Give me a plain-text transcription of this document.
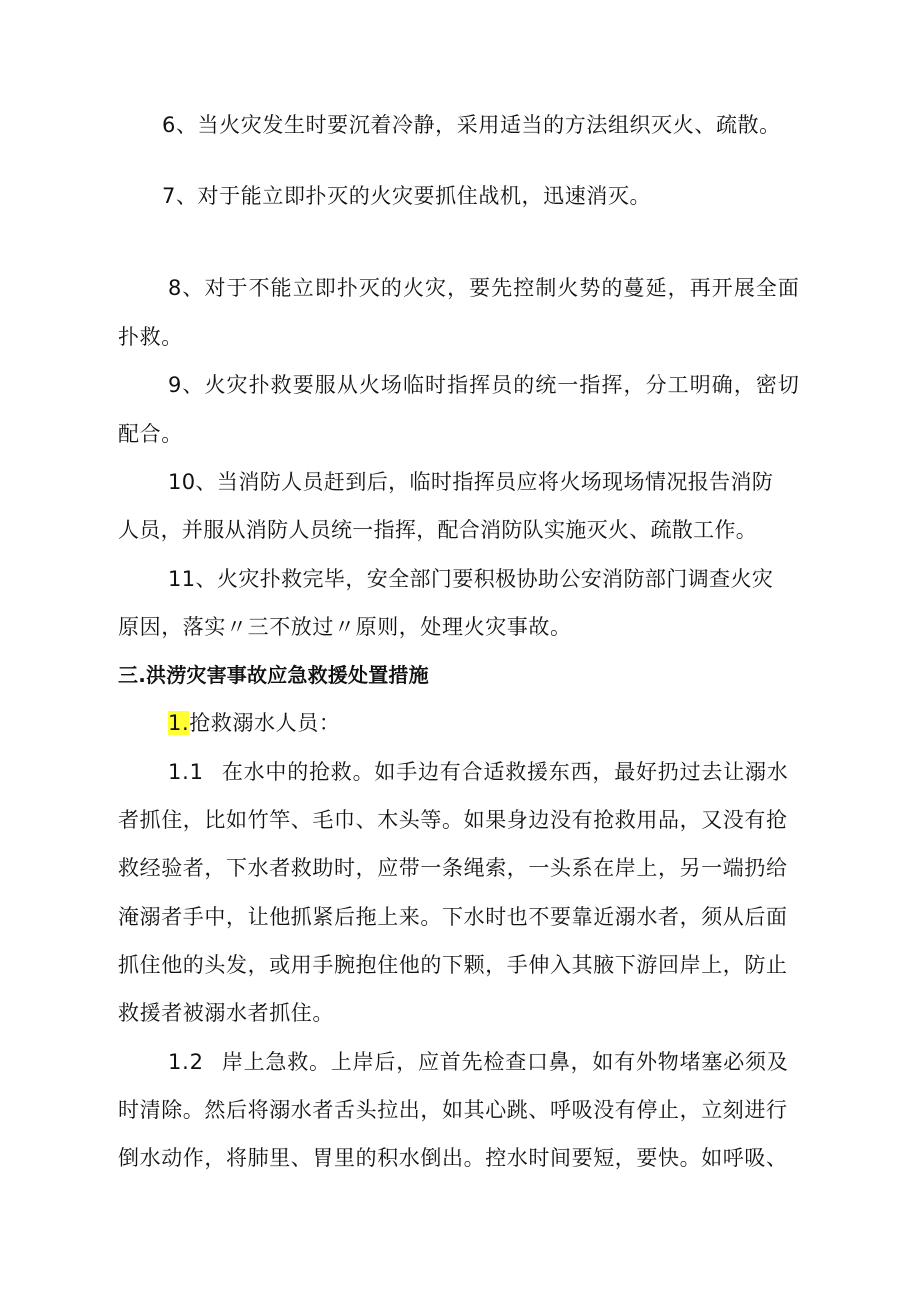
6、当火灾发生时要沉着冷静，采用适当的方法组织灭火、疏散。
7、对于能立即扑灭的火灾要抓住战机，迅速消灭。
8、对于不能立即扑灭的火灾，要先控制火势的蔓延，再开展全面
扑救。
9、火灾扑救要服从火场临时指挥员的统一指挥，分工明确，密切
配合。
10、当消防人员赶到后，临时指挥员应将火场现场情况报告消防
人员，并服从消防人员统一指挥，配合消防队实施灭火、疏散工作。
11、火灾扑救完毕，安全部门要积极协助公安消防部门调查火灾
原因，落实〃三不放过〃原则，处理火灾事故。
三.洪涝灾害事故应急救援处置措施
1.抢救溺水人员：
1.1 在水中的抢救。如手边有合适救援东西，最好扔过去让溺水
者抓住，比如竹竿、毛巾、木头等。如果身边没有抢救用品，又没有抢
救经验者，下水者救助时，应带一条绳索，一头系在岸上，另一端扔给
淹溺者手中，让他抓紧后拖上来。下水时也不要靠近溺水者，须从后面
抓住他的头发，或用手腕抱住他的下颗，手伸入其腋下游回岸上，防止
救援者被溺水者抓住。
1.2 岸上急救。上岸后，应首先检查口鼻，如有外物堵塞必须及
时清除。然后将溺水者舌头拉出，如其心跳、呼吸没有停止，立刻进行
倒水动作，将肺里、胃里的积水倒出。控水时间要短，要快。如呼吸、
